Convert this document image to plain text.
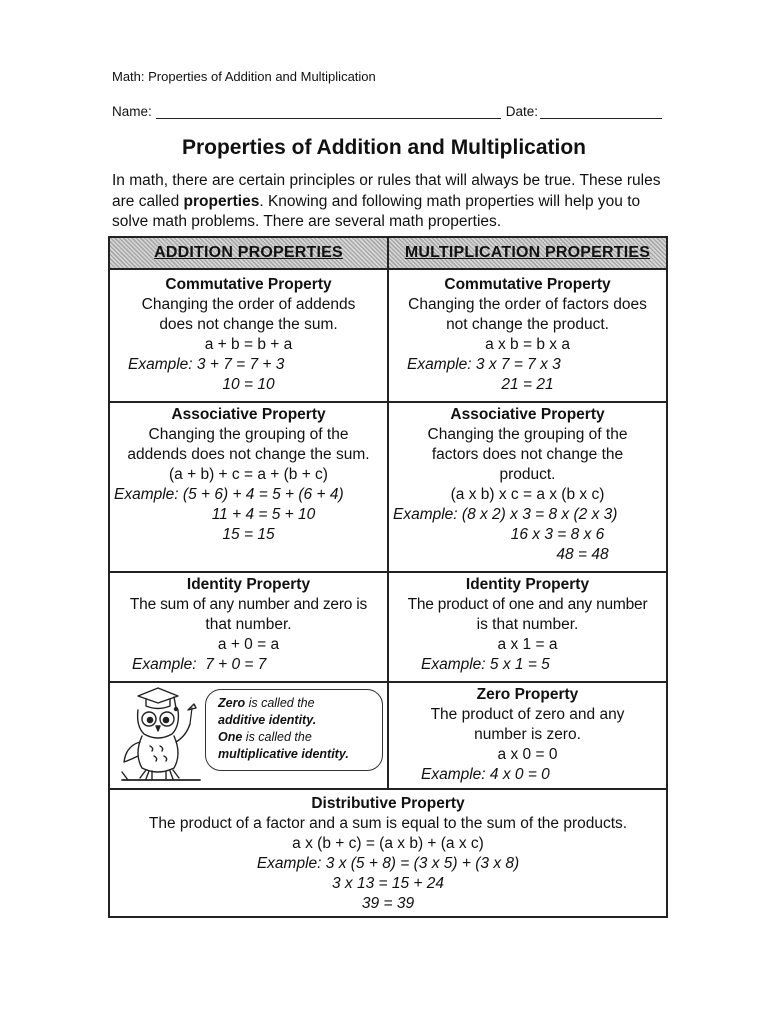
Math: Properties of Addition and Multiplication
Name:	Date:
Properties of Addition and Multiplication
In math, there are certain principles or rules that will always be true. These rules are called properties. Knowing and following math properties will help you to solve math problems. There are several math properties.
ADDITION PROPERTIES	MULTIPLICATION PROPERTIES
Commutative Property
Changing the order of addends
does not change the sum.
a + b = b + a
Example: 3 + 7 = 7 + 3
10 = 10
Commutative Property
Changing the order of factors does
not change the product.
a x b = b x a
Example: 3 x 7 = 7 x 3
21 = 21
Associative Property
Changing the grouping of the
addends does not change the sum.
(a + b) + c = a + (b + c)
Example: (5 + 6) + 4 = 5 + (6 + 4)
11 + 4 = 5 + 10
15 = 15
Associative Property
Changing the grouping of the
factors does not change the
product.
(a x b) x c = a x (b x c)
Example: (8 x 2) x 3 = 8 x (2 x 3)
16 x 3 = 8 x 6
48 = 48
Identity Property
The sum of any number and zero is
that number.
a + 0 = a
Example:  7 + 0 = 7
Identity Property
The product of one and any number
is that number.
a x 1 = a
Example: 5 x 1 = 5
Zero is called the
additive identity.
One is called the
multiplicative identity.
Zero Property
The product of zero and any
number is zero.
a x 0 = 0
Example: 4 x 0 = 0
Distributive Property
The product of a factor and a sum is equal to the sum of the products.
a x (b + c) = (a x b) + (a x c)
Example: 3 x (5 + 8) = (3 x 5) + (3 x 8)
3 x 13 = 15 + 24
39 = 39
